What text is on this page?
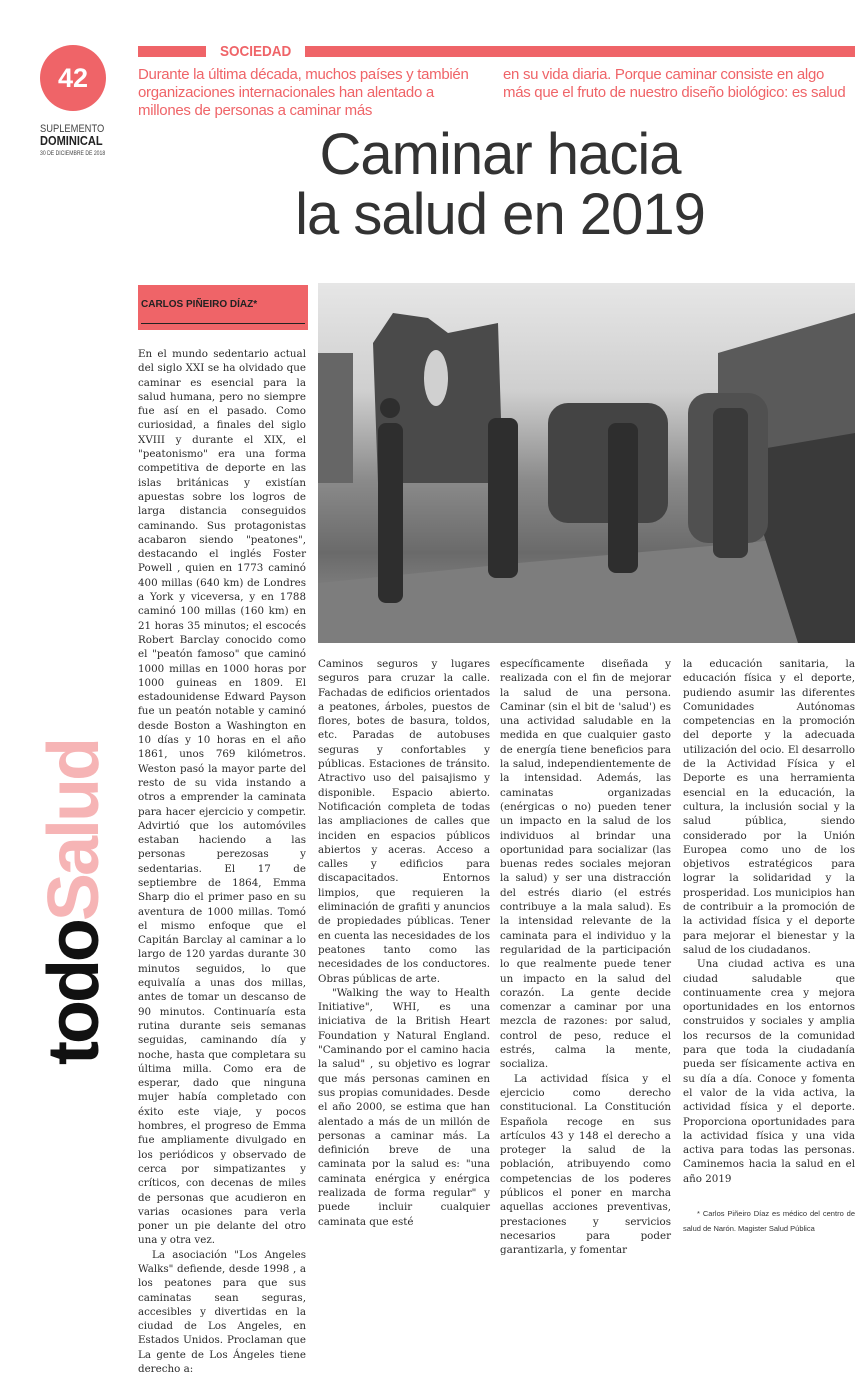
42
SUPLEMENTO
DOMINICAL
30 DE DICIEMBRE DE 2018
SOCIEDAD
Durante la última década, muchos países y también organizaciones internacionales han alentado a millones de personas a caminar más
en su vida diaria. Porque caminar consiste en algo más que el fruto de nuestro diseño biológico: es salud
Caminar hacia
la salud en 2019
todoSalud
CARLOS PIÑEIRO DÍAZ*

En el mundo sedentario actual del siglo XXI se ha olvidado que caminar es esencial para la salud humana, pero no siempre fue así en el pasado. Como curiosidad, a finales del siglo XVIII y durante el XIX, el "peatonismo" era una forma competitiva de deporte en las islas británicas y existían apuestas sobre los logros de larga distancia conseguidos caminando. Sus protagonistas acabaron siendo "peatones", destacando el inglés Foster Powell , quien en 1773 caminó 400 millas (640 km) de Londres a York y viceversa, y en 1788 caminó 100 millas (160 km) en 21 horas 35 minutos; el escocés Robert Barclay conocido como el "peatón famoso" que caminó 1000 millas en 1000 horas por 1000 guineas en 1809. El estadounidense Edward Payson fue un peatón notable y caminó desde Boston a Washington en 10 días y 10 horas en el año 1861, unos 769 kilómetros. Weston pasó la mayor parte del resto de su vida instando a otros a emprender la caminata para hacer ejercicio y competir. Advirtió que los automóviles estaban haciendo a las personas perezosas y sedentarias. El 17 de septiembre de 1864, Emma Sharp dio el primer paso en su aventura de 1000 millas. Tomó el mismo enfoque que el Capitán Barclay al caminar a lo largo de 120 yardas durante 30 minutos seguidos, lo que equivalía a unas dos millas, antes de tomar un descanso de 90 minutos. Continuaría esta rutina durante seis semanas seguidas, caminando día y noche, hasta que completara su última milla. Como era de esperar, dado que ninguna mujer había completado con éxito este viaje, y pocos hombres, el progreso de Emma fue ampliamente divulgado en los periódicos y observado de cerca por simpatizantes y críticos, con decenas de miles de personas que acudieron en varias ocasiones para verla poner un pie delante del otro una y otra vez.

La asociación "Los Angeles Walks" defiende, desde 1998 , a los peatones para que sus caminatas sean seguras, accesibles y divertidas en la ciudad de Los Angeles, en Estados Unidos. Proclaman que La gente de Los Ángeles tiene derecho a:

Caminos seguros y lugares seguros para cruzar la calle. Fachadas de edificios orientados a peatones, árboles, puestos de flores, botes de basura, toldos, etc. Paradas de autobuses seguras y confortables y públicas. Estaciones de tránsito. Atractivo uso del paisajismo y disponible. Espacio abierto. Notificación completa de todas las ampliaciones de calles que inciden en espacios públicos abiertos y aceras. Acceso a calles y edificios para discapacitados. Entornos limpios, que requieren la eliminación de grafiti y anuncios de propiedades públicas. Tener en cuenta las necesidades de los peatones tanto como las necesidades de los conductores. Obras públicas de arte.

"Walking the way to Health Initiative", WHI, es una iniciativa de la British Heart Foundation y Natural England. "Caminando por el camino hacia la salud" , su objetivo es lograr que más personas caminen en sus propias comunidades. Desde el año 2000, se estima que han alentado a más de un millón de personas a caminar más. La definición breve de una caminata por la salud es: "una caminata enérgica y enérgica realizada de forma regular" y puede incluir cualquier caminata que esté

específicamente diseñada y realizada con el fin de mejorar la salud de una persona. Caminar (sin el bit de 'salud') es una actividad saludable en la medida en que cualquier gasto de energía tiene beneficios para la salud, independientemente de la intensidad. Además, las caminatas organizadas (enérgicas o no) pueden tener un impacto en la salud de los individuos al brindar una oportunidad para socializar (las buenas redes sociales mejoran la salud) y ser una distracción del estrés diario (el estrés contribuye a la mala salud). Es la intensidad relevante de la caminata para el individuo y la regularidad de la participación lo que realmente puede tener un impacto en la salud del corazón. La gente decide comenzar a caminar por una mezcla de razones: por salud, control de peso, reduce el estrés, calma la mente, socializa.

La actividad física y el ejercicio como derecho constitucional. La Constitución Española recoge en sus artículos 43 y 148 el derecho a proteger la salud de la población, atribuyendo como competencias de los poderes públicos el poner en marcha aquellas acciones preventivas, prestaciones y servicios necesarios para poder garantizarla, y fomentar

la educación sanitaria, la educación física y el deporte, pudiendo asumir las diferentes Comunidades Autónomas competencias en la promoción del deporte y la adecuada utilización del ocio. El desarrollo de la Actividad Física y el Deporte es una herramienta esencial en la educación, la cultura, la inclusión social y la salud pública, siendo considerado por la Unión Europea como uno de los objetivos estratégicos para lograr la solidaridad y la prosperidad. Los municipios han de contribuir a la promoción de la actividad física y el deporte para mejorar el bienestar y la salud de los ciudadanos.

Una ciudad activa es una ciudad saludable que continuamente crea y mejora oportunidades en los entornos construidos y sociales y amplia los recursos de la comunidad para que toda la ciudadanía pueda ser físicamente activa en su día a día. Conoce y fomenta el valor de la vida activa, la actividad física y el deporte. Proporciona oportunidades para la actividad física y una vida activa para todas las personas. Caminemos hacia la salud en el año 2019

* Carlos Piñeiro Díaz es médico del centro de salud de Narón. Magister Salud Pública
